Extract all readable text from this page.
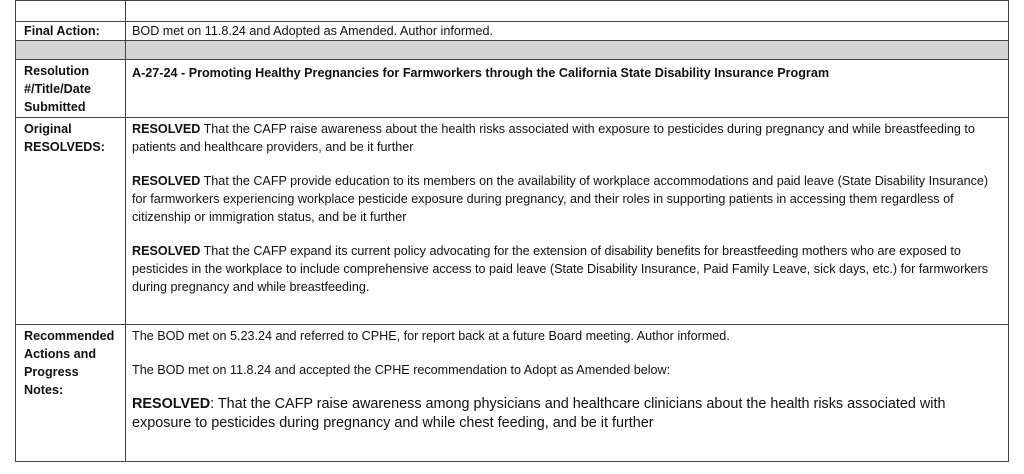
Final Action:	BOD met on 11.8.24 and Adopted as Amended. Author informed.

Resolution #/Title/Date Submitted	A-27-24 - Promoting Healthy Pregnancies for Farmworkers through the California State Disability Insurance Program

Original RESOLVEDS:	RESOLVED That the CAFP raise awareness about the health risks associated with exposure to pesticides during pregnancy and while breastfeeding to patients and healthcare providers, and be it further

RESOLVED That the CAFP provide education to its members on the availability of workplace accommodations and paid leave (State Disability Insurance) for farmworkers experiencing workplace pesticide exposure during pregnancy, and their roles in supporting patients in accessing them regardless of citizenship or immigration status, and be it further

RESOLVED That the CAFP expand its current policy advocating for the extension of disability benefits for breastfeeding mothers who are exposed to pesticides in the workplace to include comprehensive access to paid leave (State Disability Insurance, Paid Family Leave, sick days, etc.) for farmworkers during pregnancy and while breastfeeding.

Recommended Actions and Progress Notes:	The BOD met on 5.23.24 and referred to CPHE, for report back at a future Board meeting. Author informed.

The BOD met on 11.8.24 and accepted the CPHE recommendation to Adopt as Amended below:

RESOLVED: That the CAFP raise awareness among physicians and healthcare clinicians about the health risks associated with exposure to pesticides during pregnancy and while chest feeding, and be it further
